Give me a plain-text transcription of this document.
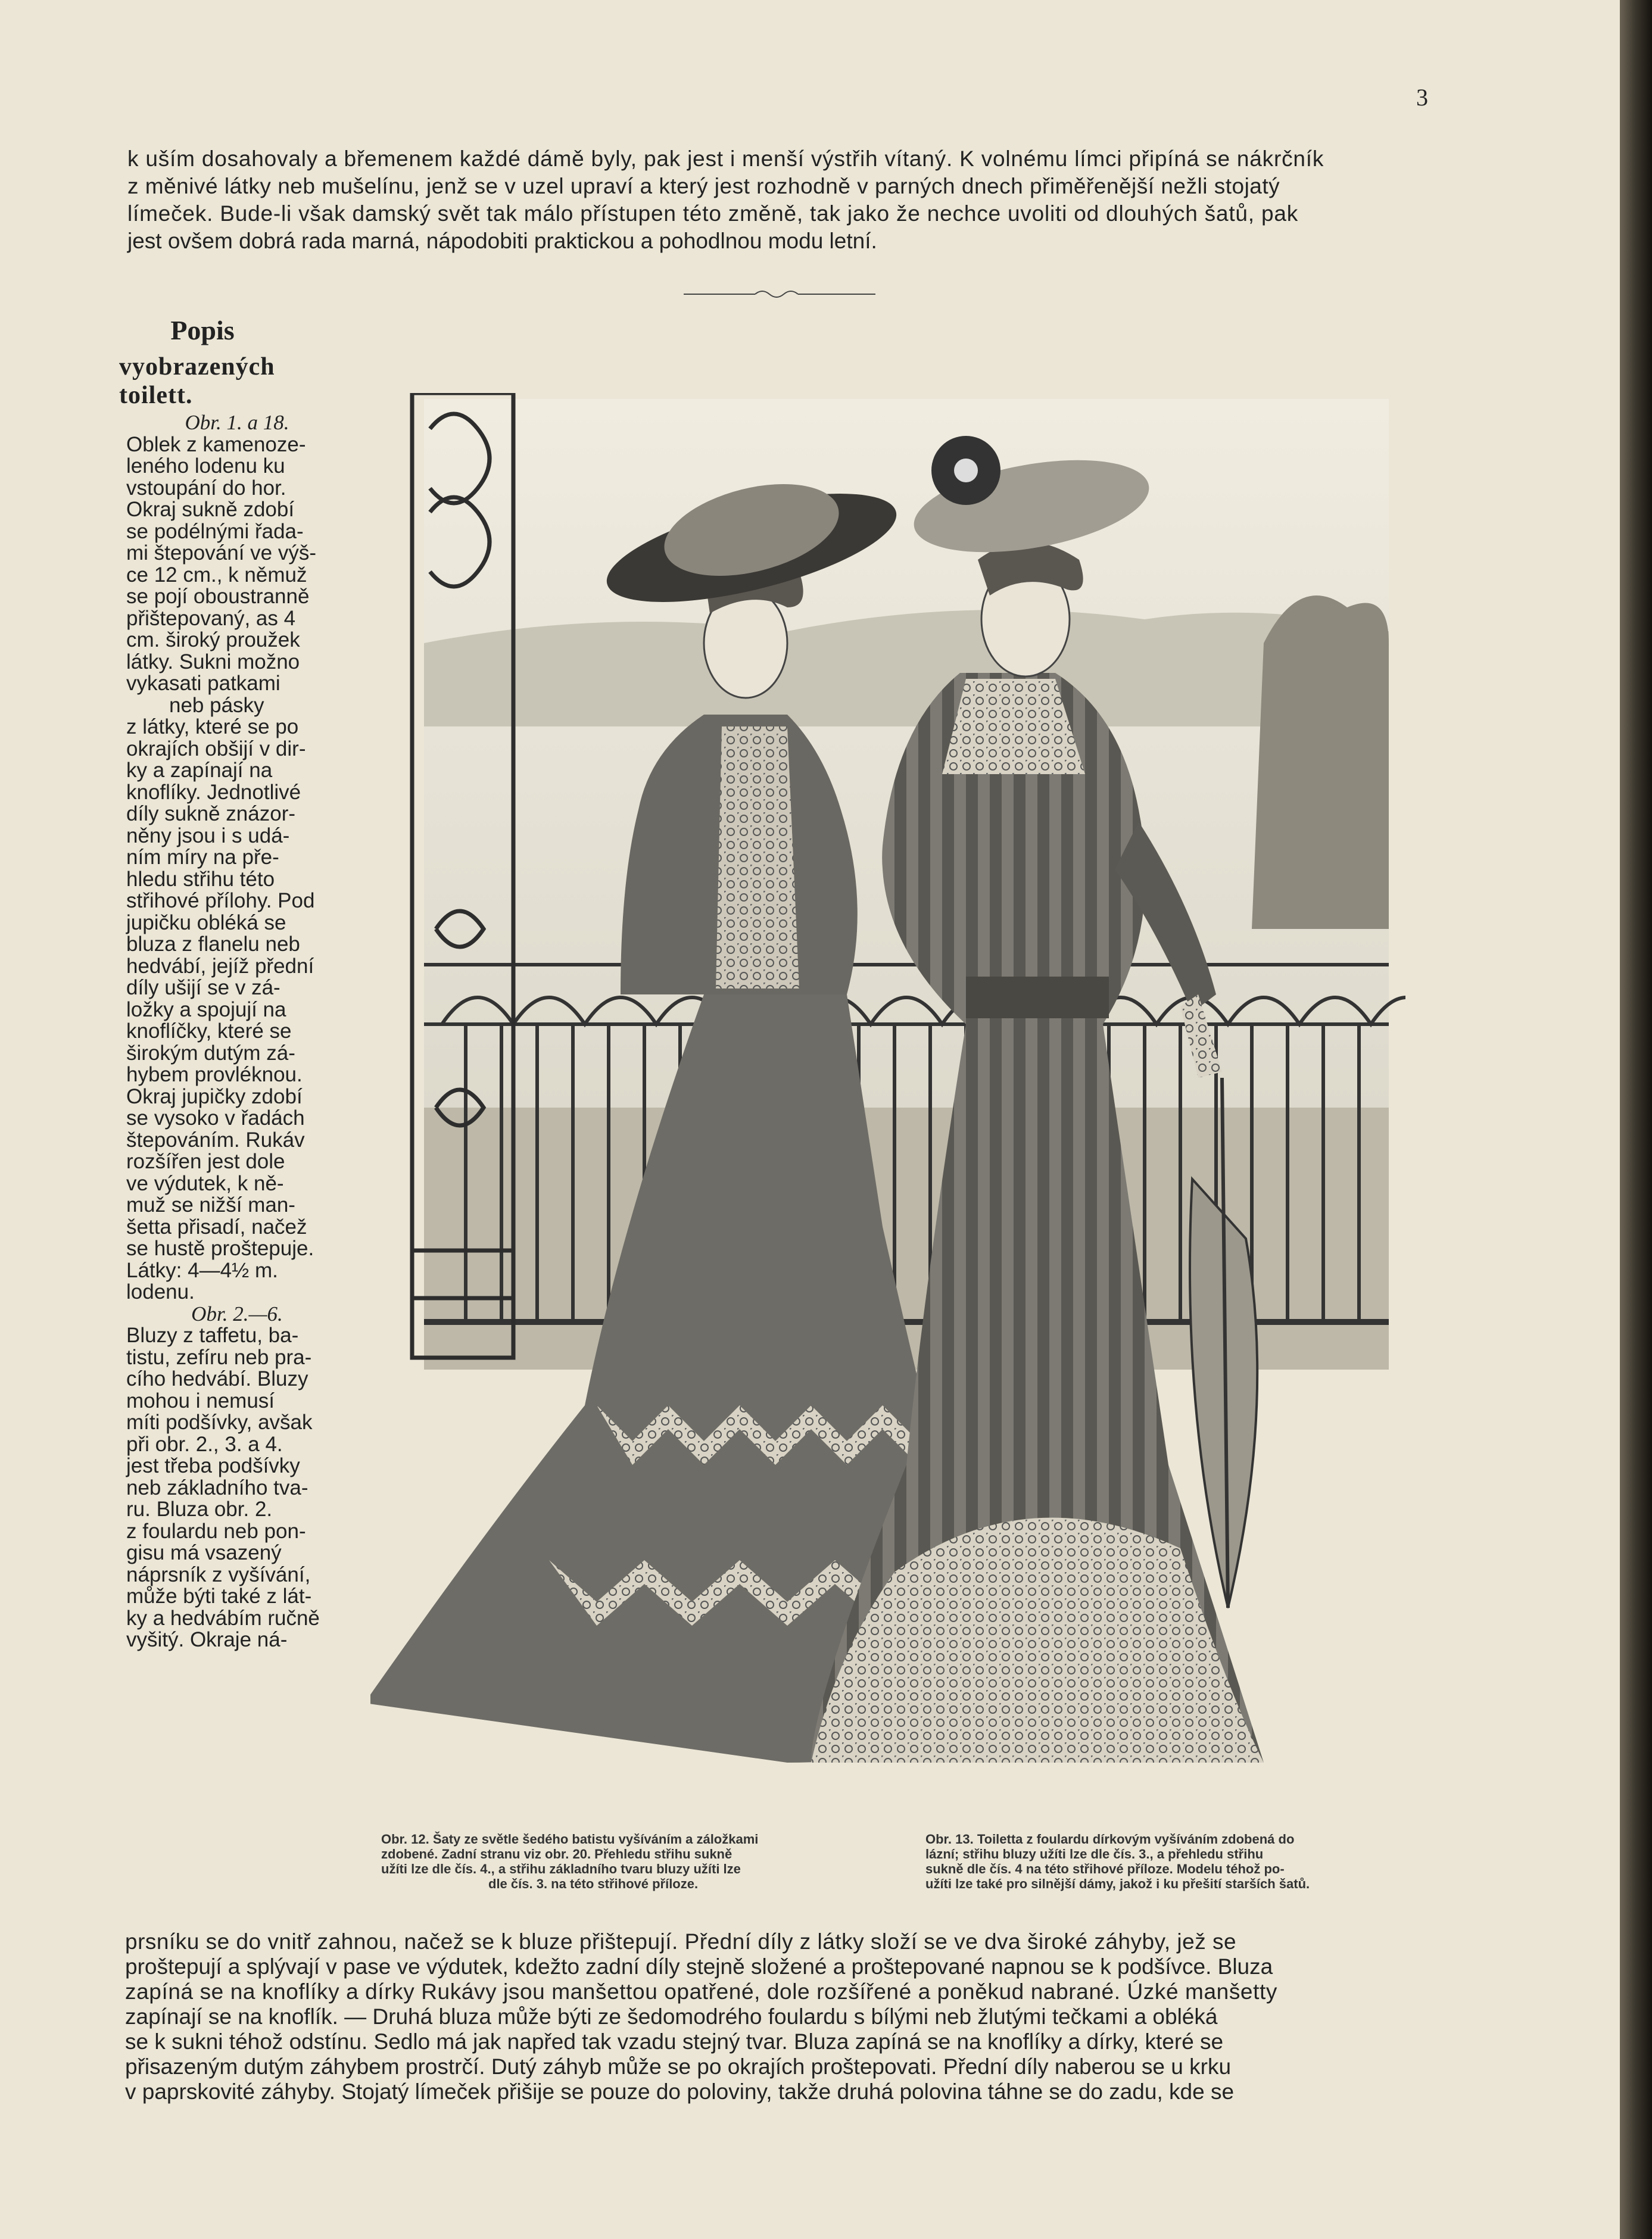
3
k uším dosahovaly a břemenem každé dámě byly, pak jest i menší výstřih vítaný. K volnému límci připíná se nákrčník
z měnivé látky neb mušelínu, jenž se v uzel upraví a který jest rozhodně v parných dnech přiměřenější nežli stojatý
límeček. Bude-li však damský svět tak málo přístupen této změně, tak jako že nechce uvoliti od dlouhých šatů, pak
jest ovšem dobrá rada marná, nápodobiti praktickou a pohodlnou modu letní.
Popis
vyobrazených toilett.
Obr. 1. a 18.
Oblek z kamenoze-
leného lodenu ku
vstoupání do hor.
Okraj sukně zdobí
se podélnými řada-
mi štepování ve výš-
ce 12 cm., k němuž
se pojí oboustranně
přištepovaný, as 4
cm. široký proužek
látky. Sukni možno
vykasati patkami
neb pásky
z látky, které se po
okrajích obšijí v dir-
ky a zapínají na
knoflíky. Jednotlivé
díly sukně znázor-
něny jsou i s udá-
ním míry na pře-
hledu střihu této
střihové přílohy. Pod
jupičku obléká se
bluza z flanelu neb
hedvábí, jejíž přední
díly ušijí se v zá-
ložky a spojují na
knoflíčky, které se
širokým dutým zá-
hybem provléknou.
Okraj jupičky zdobí
se vysoko v řadách
štepováním. Rukáv
rozšířen jest dole
ve výdutek, k ně-
muž se nižší man-
šetta přisadí, načež
se hustě proštepuje.
Látky: 4—4½ m.
lodenu.
Obr. 2.—6.
Bluzy z taffetu, ba-
tistu, zefíru neb pra-
cího hedvábí. Bluzy
mohou i nemusí
míti podšívky, avšak
při obr. 2., 3. a 4.
jest třeba podšívky
neb základního tva-
ru. Bluza obr. 2.
z foulardu neb pon-
gisu má vsazený
náprsník z vyšívání,
může býti také z lát-
ky a hedvábím ručně
vyšitý. Okraje ná-
Obr. 12. Šaty ze světle šedého batistu vyšíváním a záložkami
zdobené. Zadní stranu viz obr. 20. Přehledu střihu sukně
užíti lze dle čís. 4., a střihu základního tvaru bluzy užíti lze
dle čís. 3. na této střihové příloze.
Obr. 13. Toiletta z foulardu dírkovým vyšíváním zdobená do
lázní; střihu bluzy užíti lze dle čís. 3., a přehledu střihu
sukně dle čís. 4 na této střihové příloze. Modelu téhož po-
užíti lze také pro silnější dámy, jakož i ku přešití starších šatů.
prsníku se do vnitř zahnou, načež se k bluze přištepují. Přední díly z látky složí se ve dva široké záhyby, jež se
proštepují a splývají v pase ve výdutek, kdežto zadní díly stejně složené a proštepované napnou se k podšívce. Bluza
zapíná se na knoflíky a dírky Rukávy jsou manšettou opatřené, dole rozšířené a poněkud nabrané. Úzké manšetty
zapínají se na knoflík. — Druhá bluza může býti ze šedomodrého foulardu s bílými neb žlutými tečkami a obléká
se k sukni téhož odstínu. Sedlo má jak napřed tak vzadu stejný tvar. Bluza zapíná se na knoflíky a dírky, které se
přisazeným dutým záhybem prostrčí. Dutý záhyb může se po okrajích proštepovati. Přední díly naberou se u krku
v paprskovité záhyby. Stojatý límeček přišije se pouze do poloviny, takže druhá polovina táhne se do zadu, kde se
